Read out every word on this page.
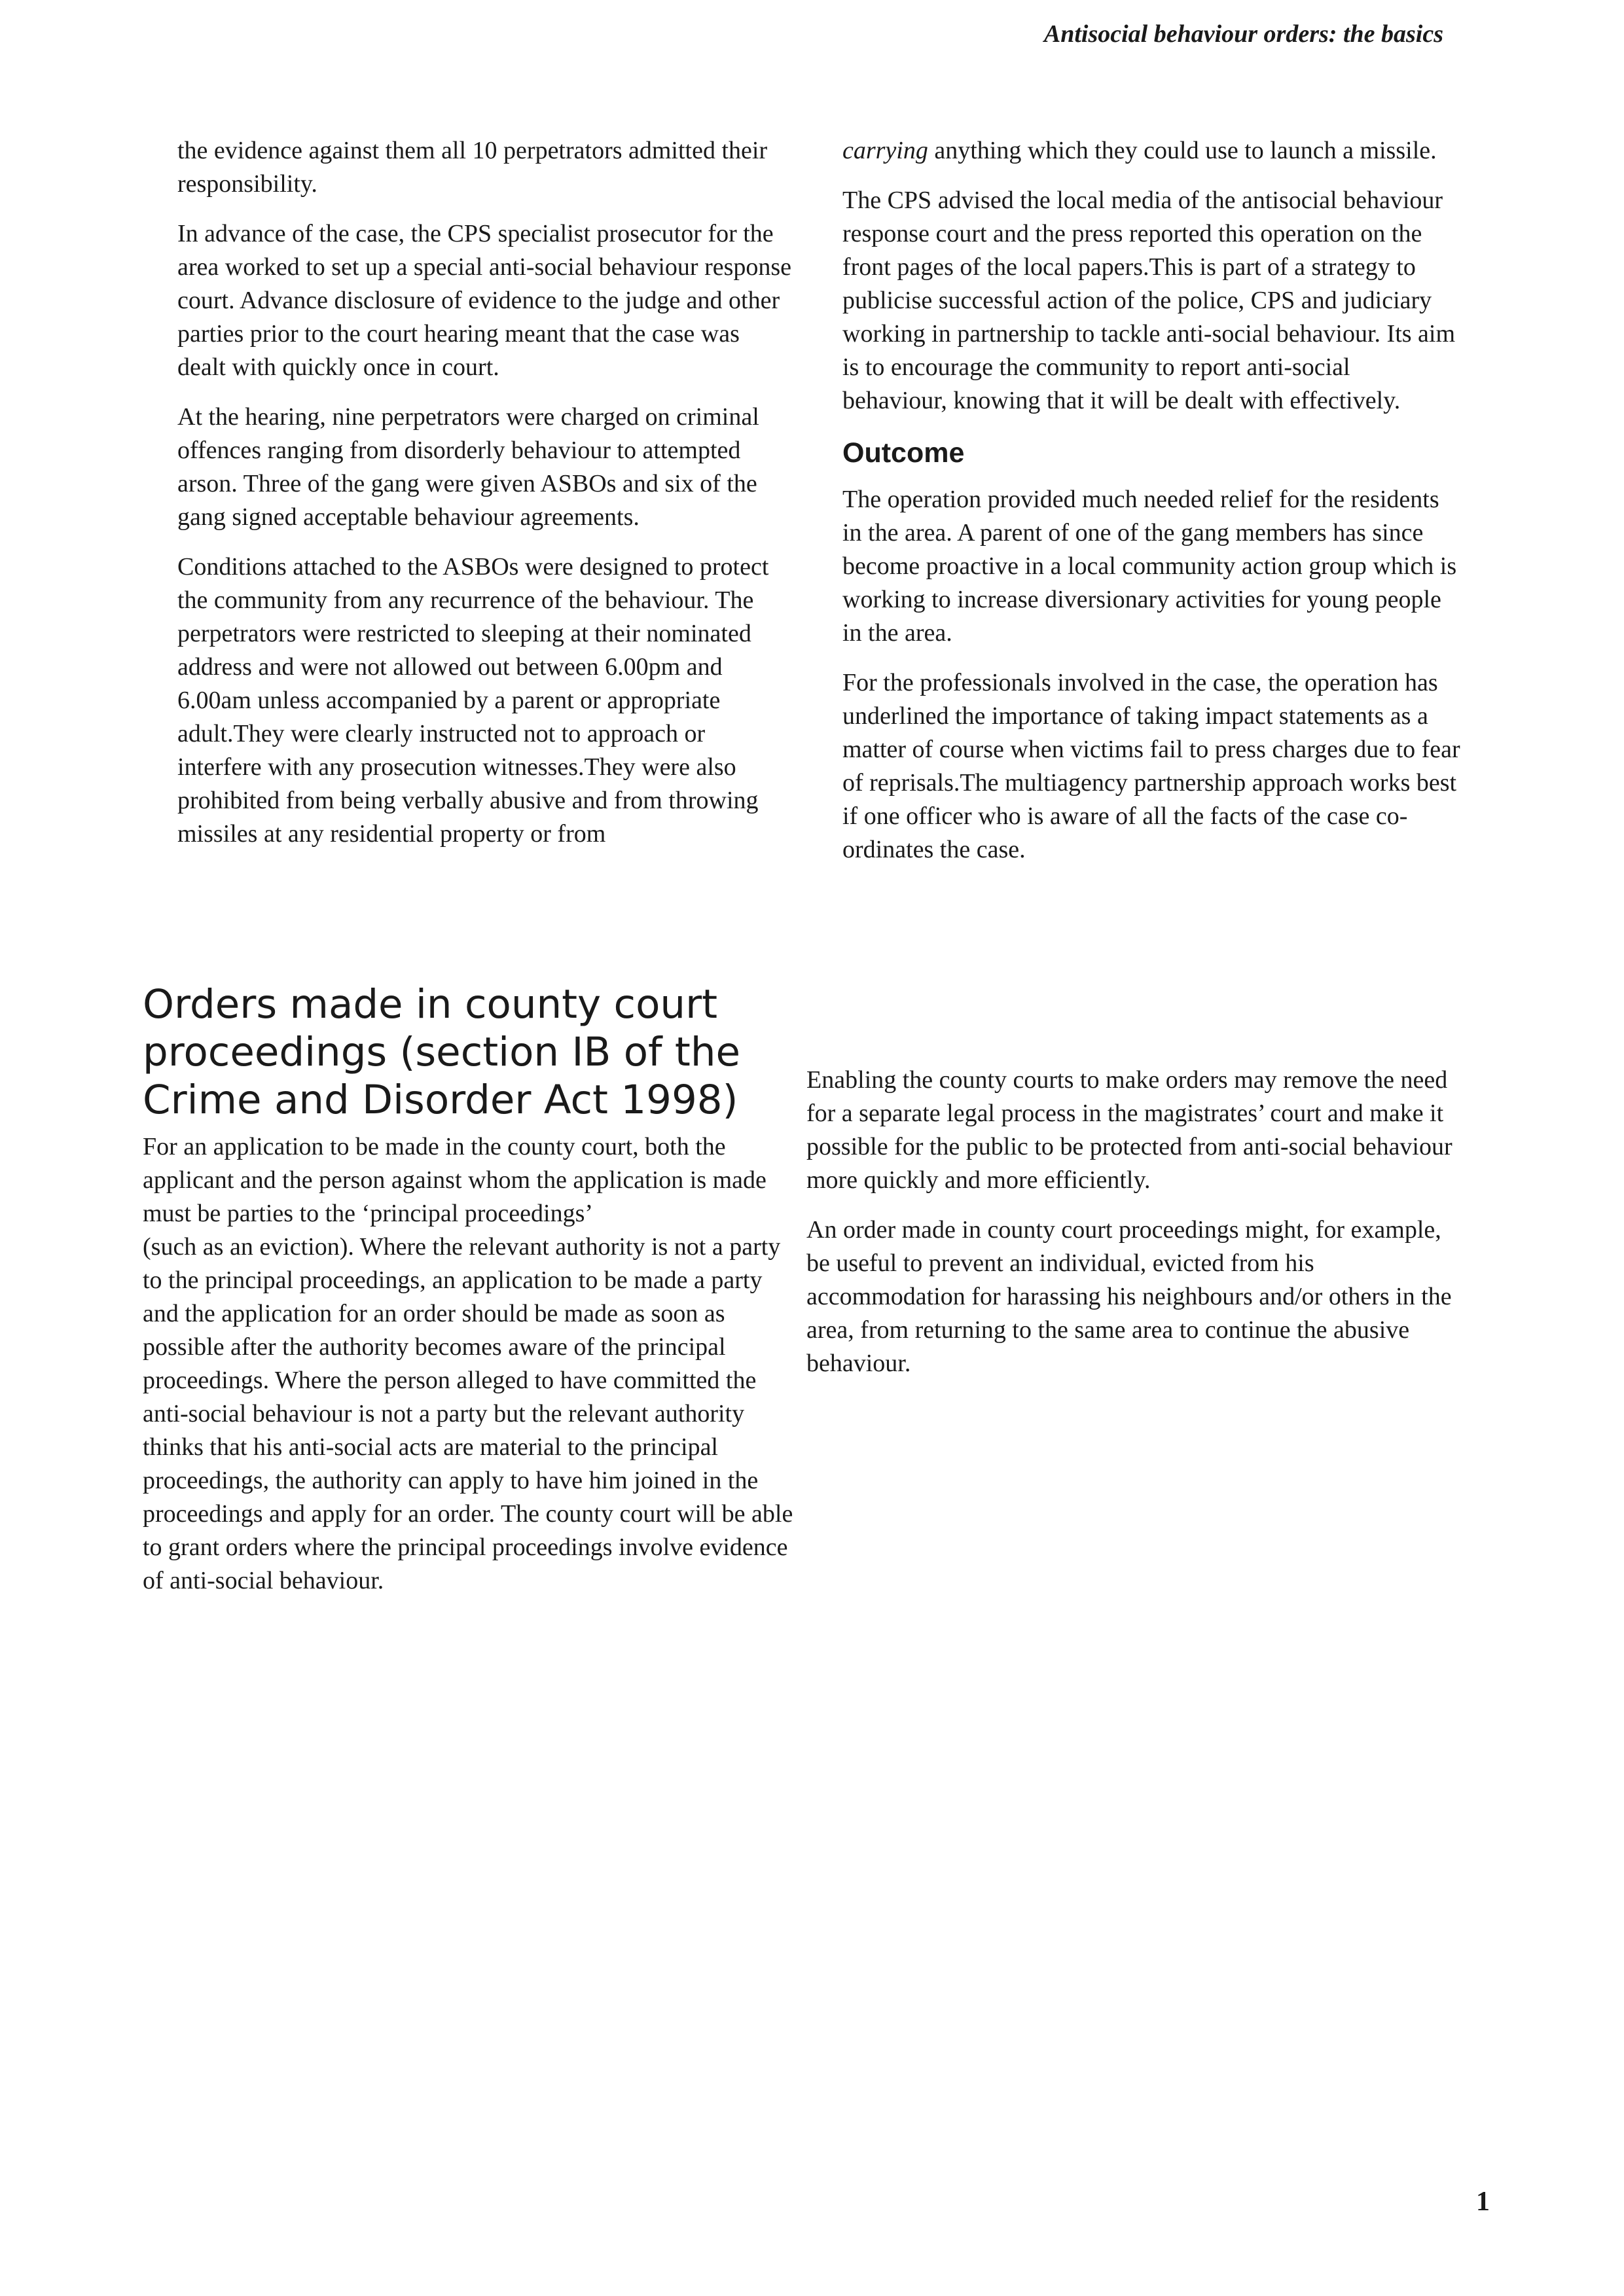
Antisocial behaviour orders: the basics

the evidence against them all 10 perpetrators admitted their responsibility.

In advance of the case, the CPS specialist prosecutor for the area worked to set up a special anti-social behaviour response court. Advance disclosure of evidence to the judge and other parties prior to the court hearing meant that the case was dealt with quickly once in court.

At the hearing, nine perpetrators were charged on criminal offences ranging from disorderly behaviour to attempted arson. Three of the gang were given ASBOs and six of the gang signed acceptable behaviour agreements.

Conditions attached to the ASBOs were designed to protect the community from any recurrence of the behaviour. The perpetrators were restricted to sleeping at their nominated address and were not allowed out between 6.00pm and 6.00am unless accompanied by a parent or appropriate adult.They were clearly instructed not to approach or interfere with any prosecution witnesses.They were also prohibited from being verbally abusive and from throwing missiles at any residential property or from

carrying anything which they could use to launch a missile.

The CPS advised the local media of the antisocial behaviour response court and the press reported this operation on the front pages of the local papers.This is part of a strategy to publicise successful action of the police, CPS and judiciary working in partnership to tackle anti-social behaviour. Its aim is to encourage the community to report anti-social behaviour, knowing that it will be dealt with effectively.

Outcome

The operation provided much needed relief for the residents in the area. A parent of one of the gang members has since become proactive in a local community action group which is working to increase diversionary activities for young people in the area.

For the professionals involved in the case, the operation has underlined the importance of taking impact statements as a matter of course when victims fail to press charges due to fear of reprisals.The multiagency partnership approach works best if one officer who is aware of all the facts of the case co-ordinates the case.

Orders made in county court proceedings (section IB of the Crime and Disorder Act 1998)

For an application to be made in the county court, both the applicant and the person against whom the application is made must be parties to the ‘principal proceedings’

(such as an eviction). Where the relevant authority is not a party to the principal proceedings, an application to be made a party and the application for an order should be made as soon as possible after the authority becomes aware of the principal proceedings. Where the person alleged to have committed the anti-social behaviour is not a party but the relevant authority thinks that his anti-social acts are material to the principal proceedings, the authority can apply to have him joined in the proceedings and apply for an order. The county court will be able to grant orders where the principal proceedings involve evidence of anti-social behaviour.

Enabling the county courts to make orders may remove the need for a separate legal process in the magistrates’ court and make it possible for the public to be protected from anti-social behaviour more quickly and more efficiently.

An order made in county court proceedings might, for example, be useful to prevent an individual, evicted from his accommodation for harassing his neighbours and/or others in the area, from returning to the same area to continue the abusive behaviour.

1
